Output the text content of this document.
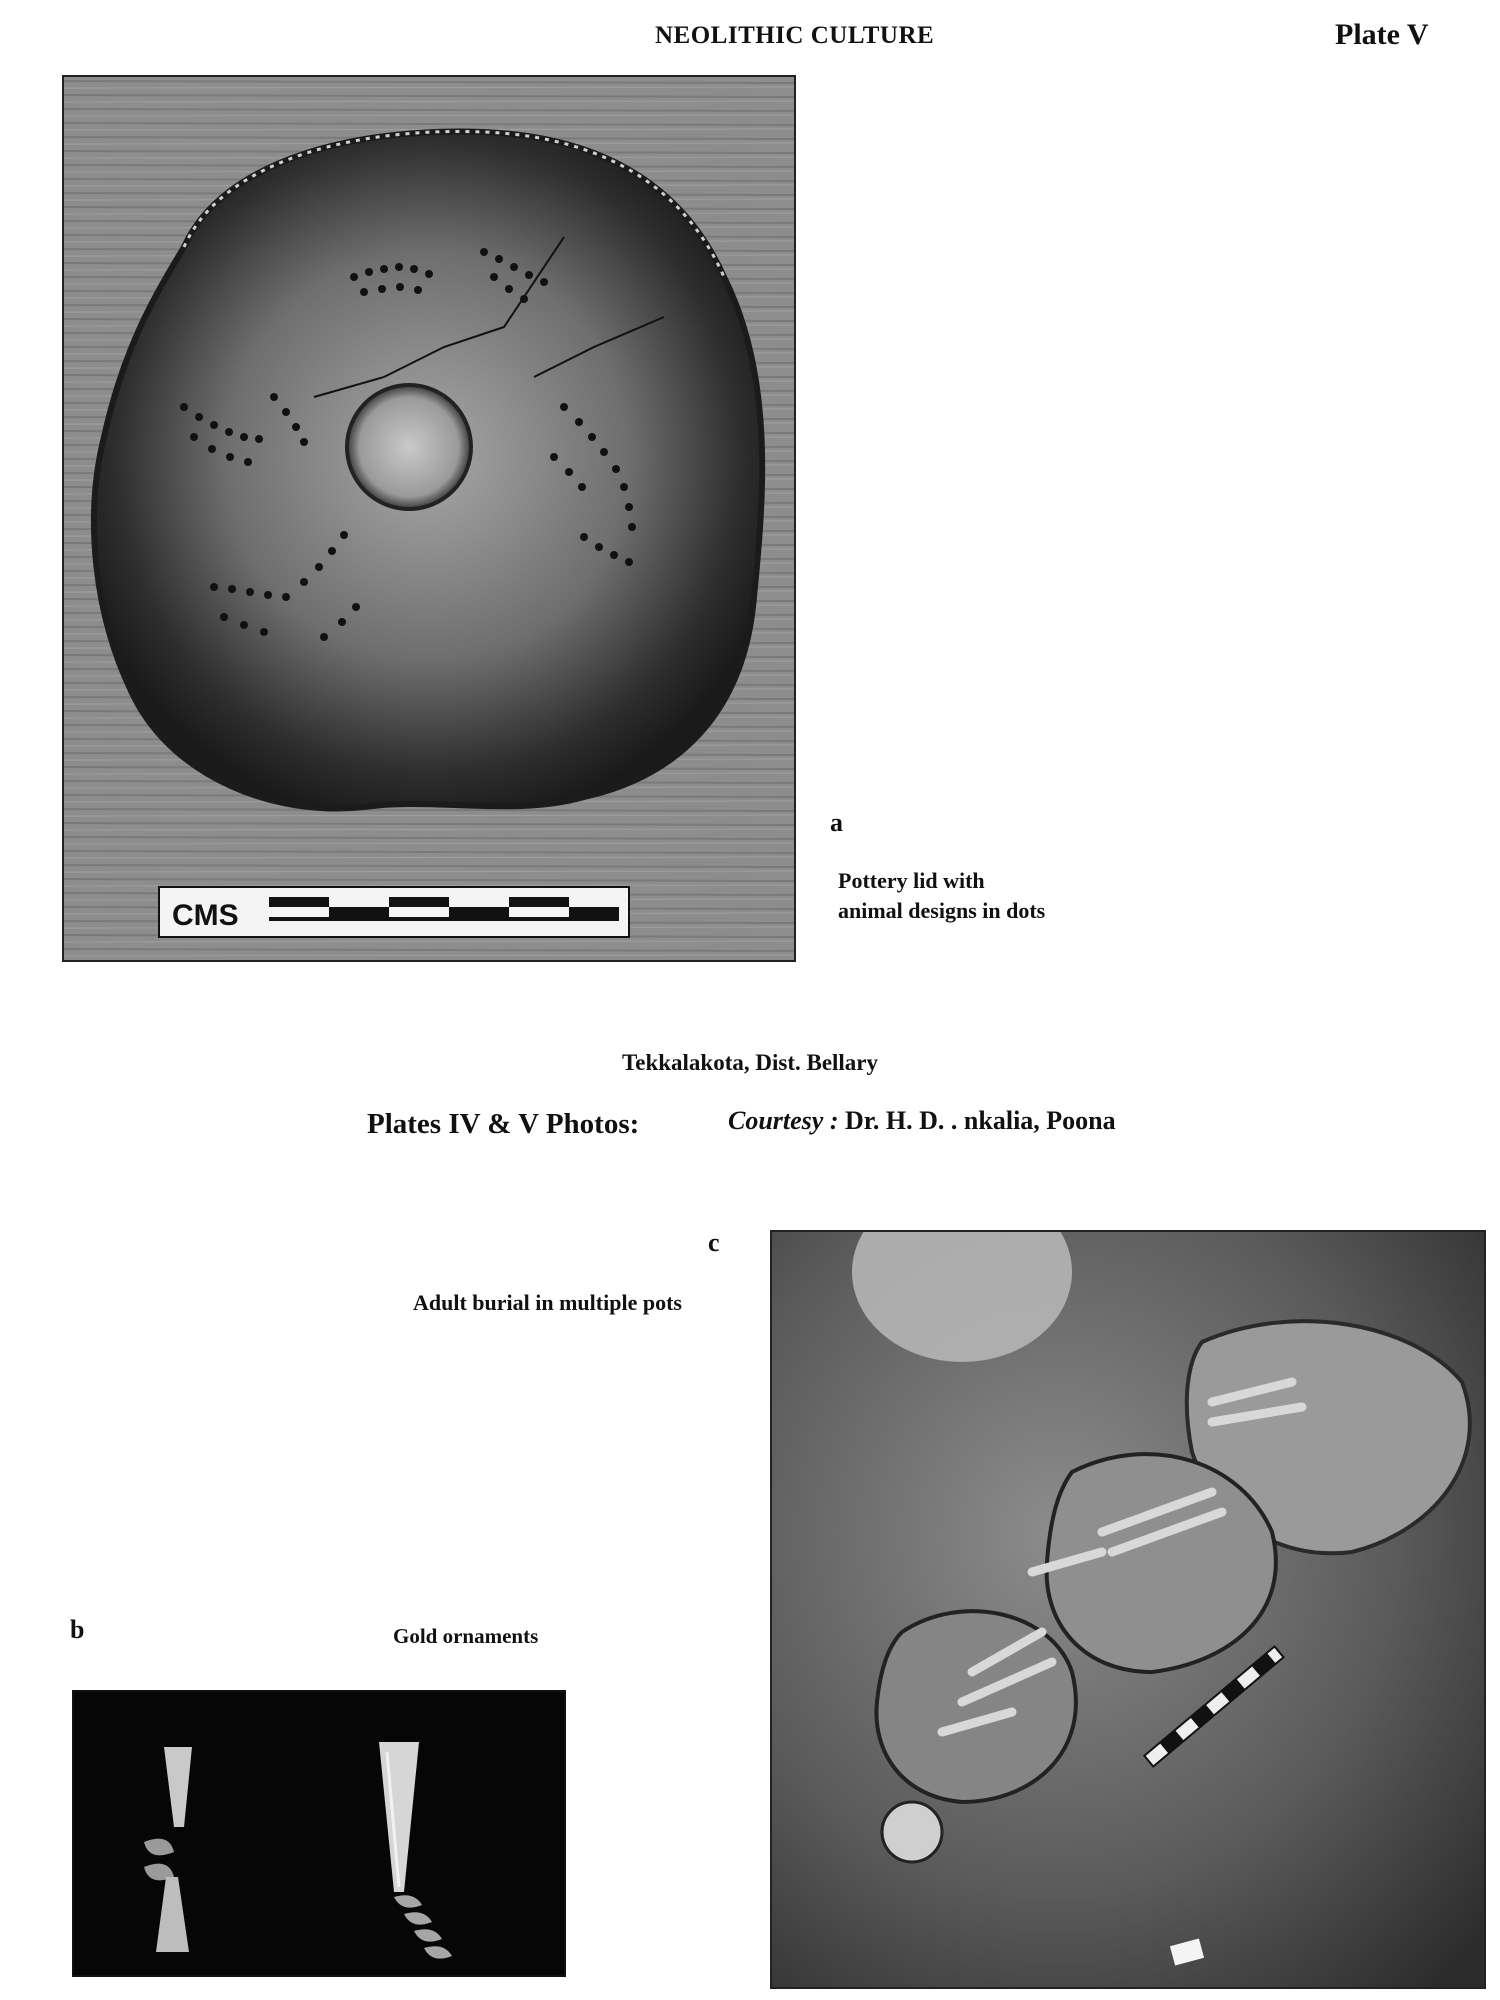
NEOLITHIC CULTURE	Plate V
CMS
a
Pottery lid with
animal designs in dots
Tekkalakota, Dist. Bellary
Plates IV & V Photos:	Courtesy : Dr. H. D. . nkalia, Poona
c
Adult burial in multiple pots
b	Gold ornaments
